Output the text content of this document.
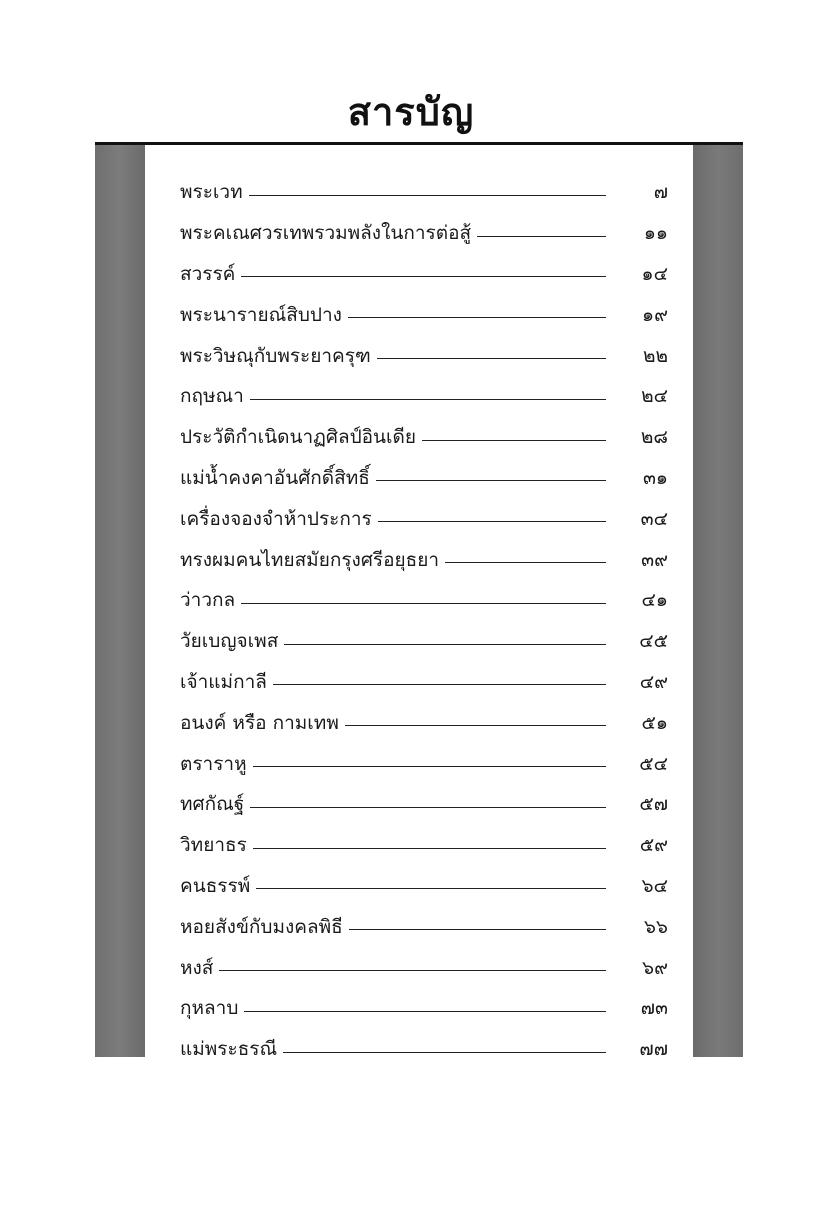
สารบัญ
พระเวท	๗
พระคเณศวรเทพรวมพลังในการต่อสู้	๑๑
สวรรค์	๑๔
พระนารายณ์สิบปาง	๑๙
พระวิษณุกับพระยาครุฑ	๒๒
กฤษณา	๒๔
ประวัติกำเนิดนาฏศิลป์อินเดีย	๒๘
แม่น้ำคงคาอันศักดิ์สิทธิ์	๓๑
เครื่องจองจำห้าประการ	๓๔
ทรงผมคนไทยสมัยกรุงศรีอยุธยา	๓๙
ว่าวกล	๔๑
วัยเบญจเพส	๔๕
เจ้าแม่กาลี	๔๙
อนงค์ หรือ กามเทพ	๕๑
ตราราหู	๕๔
ทศกัณฐ์	๕๗
วิทยาธร	๕๙
คนธรรพ์	๖๔
หอยสังข์กับมงคลพิธี	๖๖
หงส์	๖๙
กุหลาบ	๗๓
แม่พระธรณี	๗๗
